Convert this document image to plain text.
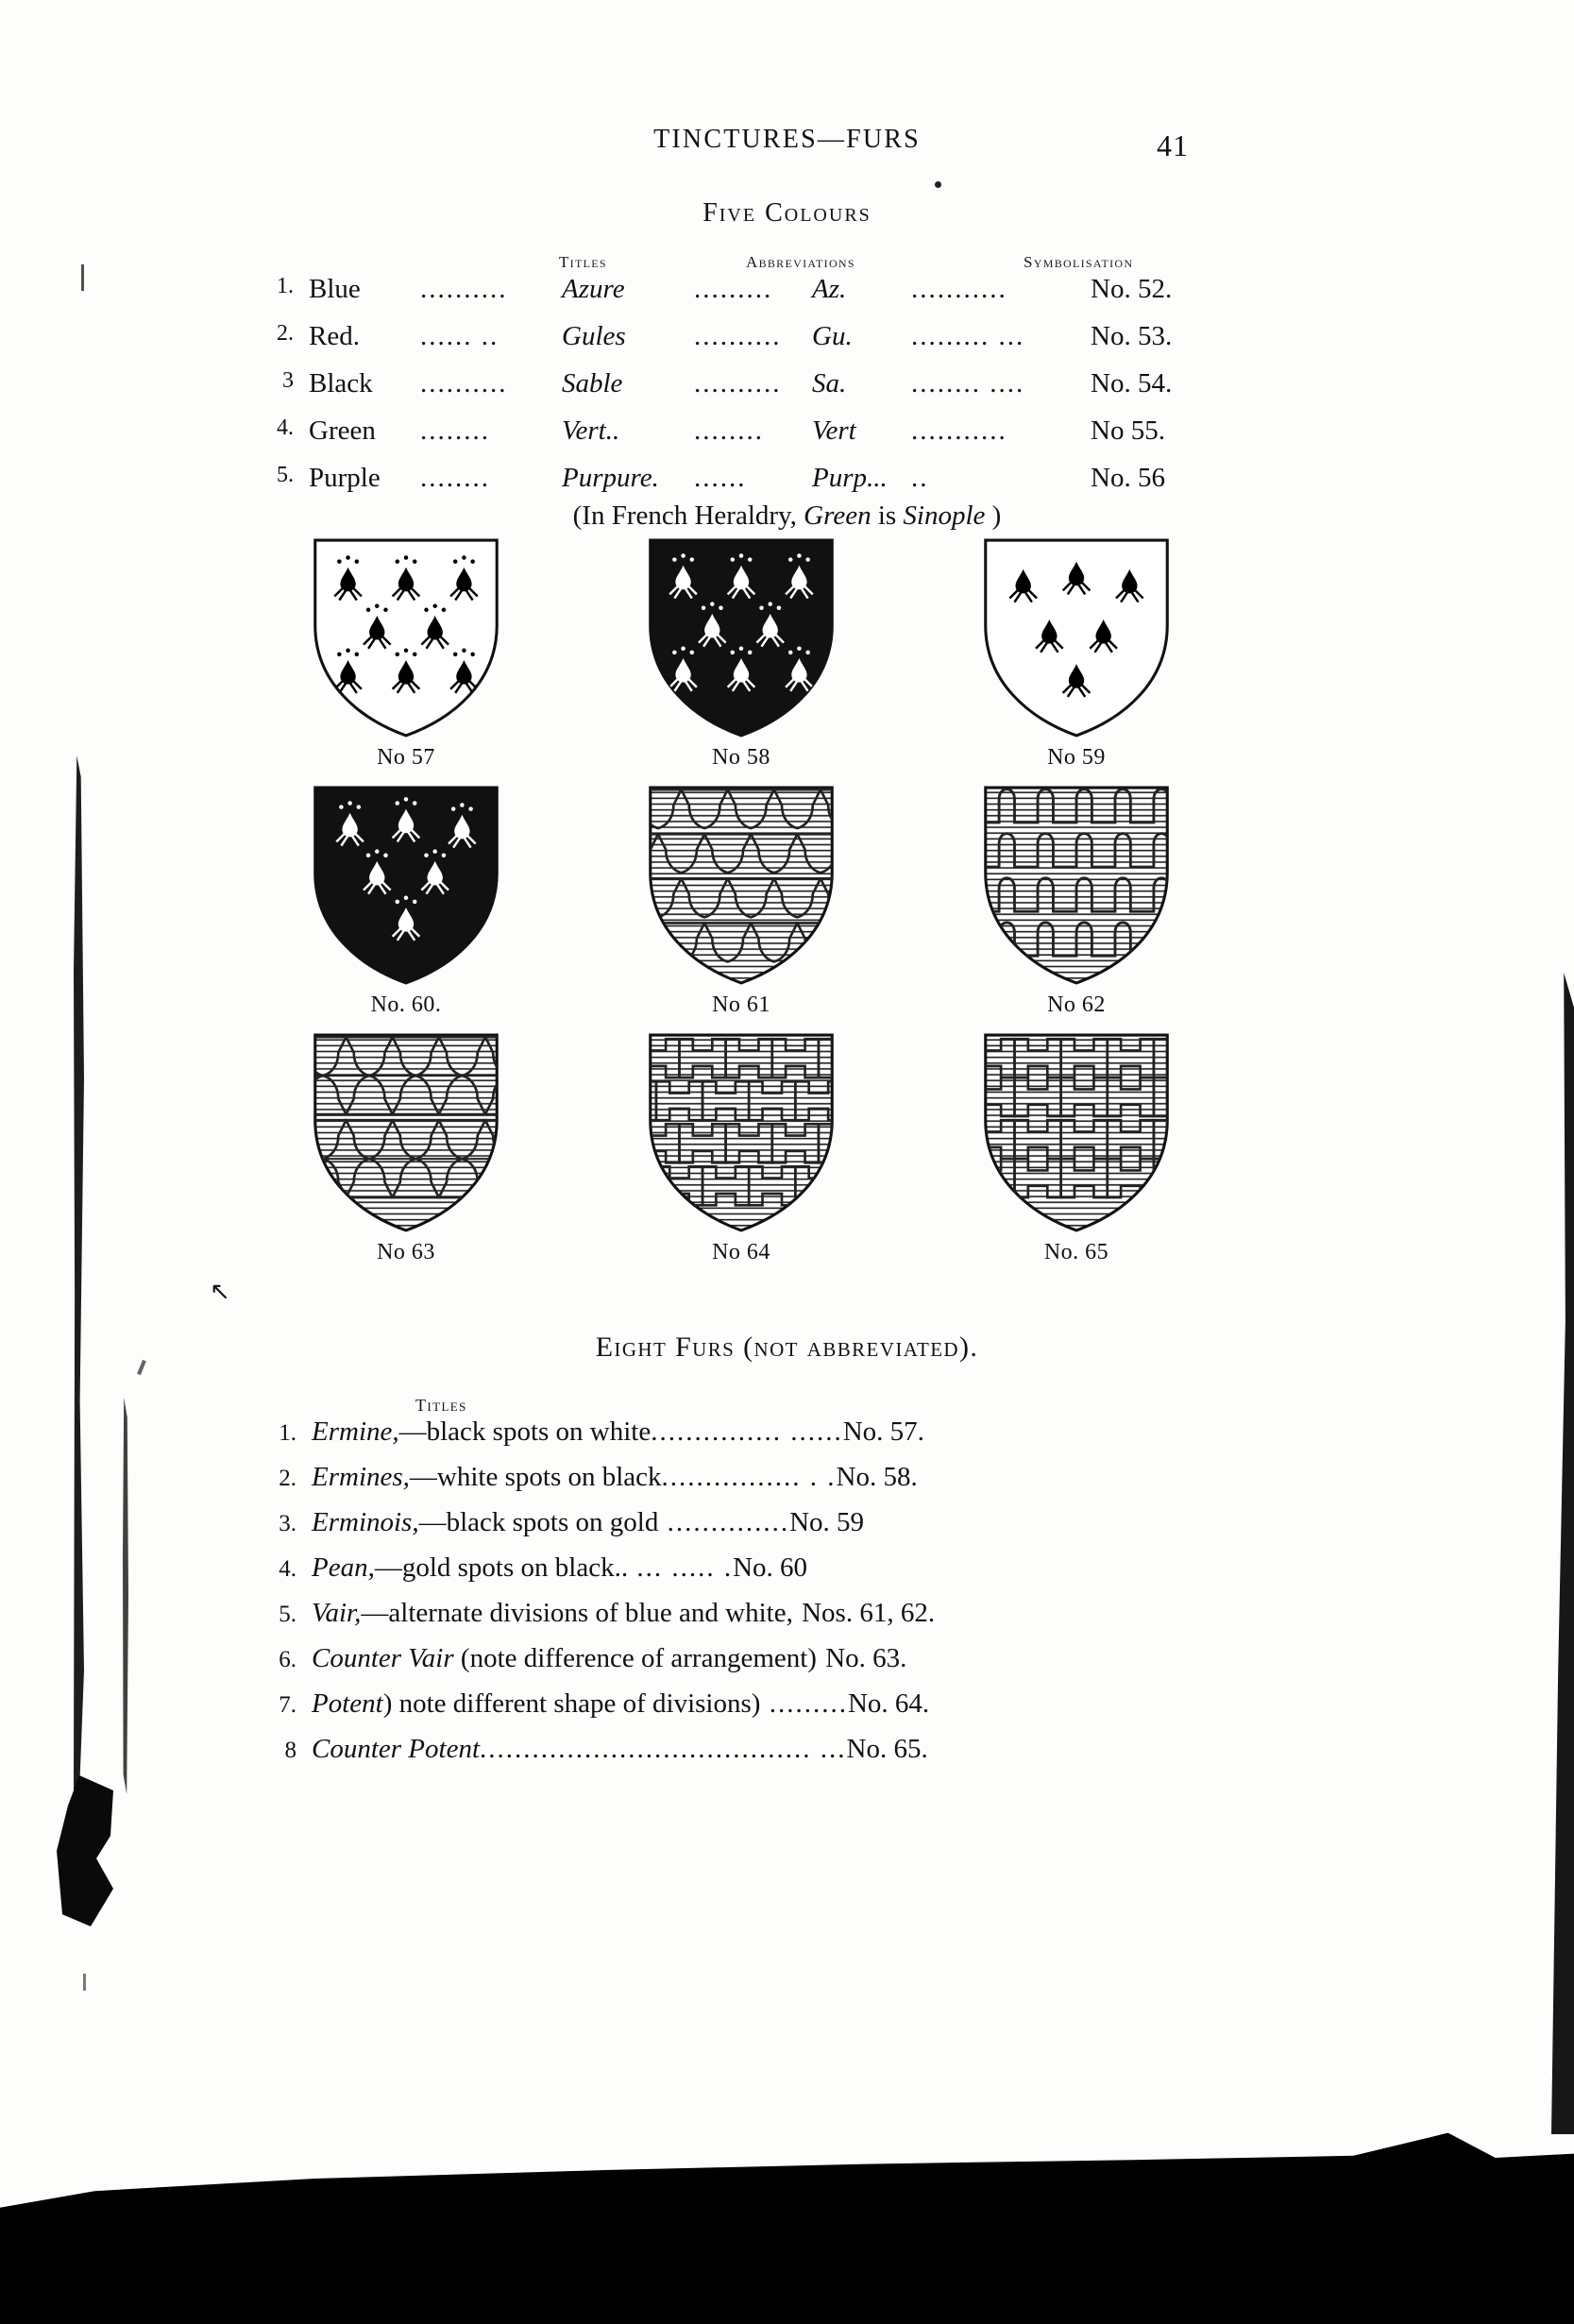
↖
TINCTURES—FURS	41
Five Colours
Titles	Abbreviations	Symbolisation
1. Blue ..........	Azure	.........	Az. ...........	No. 52.
2. Red. ...... ..	Gules ..........	Gu. ......... ...	No. 53.
3 Black ..........	Sable	..........	Sa. ........ ....	No. 54.
4. Green ........	Vert..	........	Vert ...........	No 55.
5. Purple ........	Purpure. ......	Purp... ..	No. 56
(In French Heraldry, Green is Sinople )
No 57	No 58	No 59
No. 60.	No 61	No 62
No 63	No 64	No. 65
Eight Furs (not abbreviated).
Titles
1. Ermine,—black spots on white............... ......No. 57.
2. Ermines,—white spots on black................ . .No. 58.
3. Erminois,—black spots on gold ..............No. 59
4. Pean,—gold spots on black.. ... ..... .No. 60
5. Vair,—alternate divisions of blue and white, Nos. 61, 62.
6. Counter Vair (note difference of arrangement) No. 63.
7. Potent) note different shape of divisions) .........No. 64.
8 Counter Potent...................................... ...No. 65.
